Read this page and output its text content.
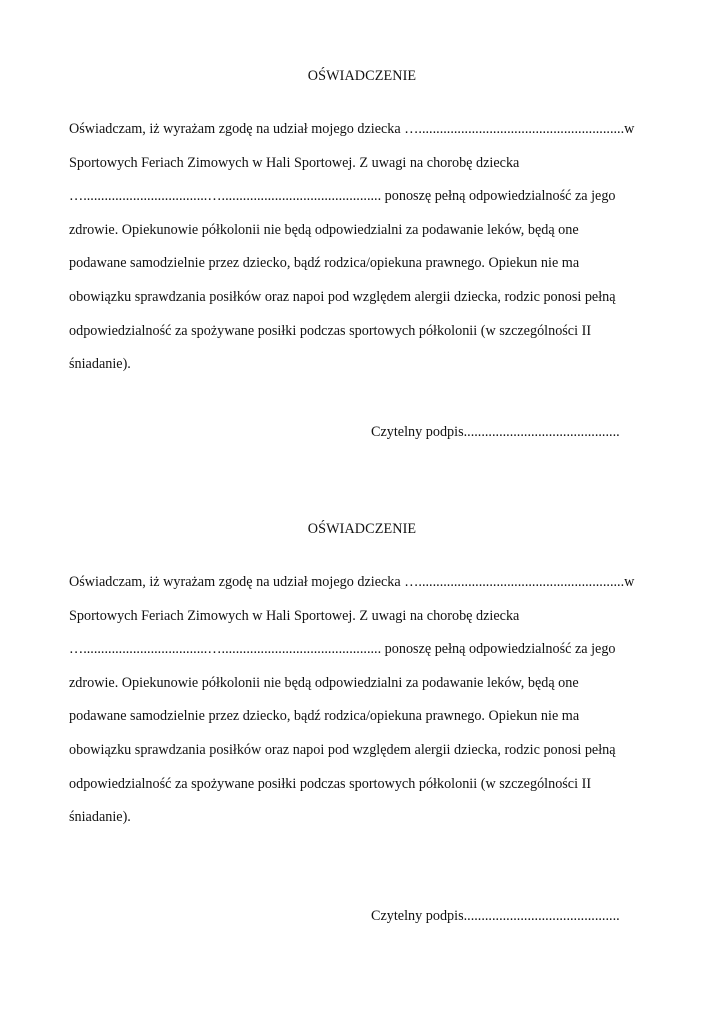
OŚWIADCZENIE
Oświadczam, iż wyrażam zgodę na udział mojego dziecka …..........................................................w
Sportowych Feriach Zimowych w Hali Sportowej. Z uwagi na chorobę dziecka
…...................................…............................................. ponoszę pełną odpowiedzialność za jego
zdrowie. Opiekunowie półkolonii nie będą odpowiedzialni za podawanie leków, będą one
podawane samodzielnie przez dziecko, bądź rodzica/opiekuna prawnego. Opiekun nie ma
obowiązku sprawdzania posiłków oraz napoi pod względem alergii dziecka, rodzic ponosi pełną
odpowiedzialność za spożywane posiłki podczas sportowych półkolonii (w szczególności II
śniadanie).
Czytelny podpis............................................
OŚWIADCZENIE
Oświadczam, iż wyrażam zgodę na udział mojego dziecka …..........................................................w
Sportowych Feriach Zimowych w Hali Sportowej. Z uwagi na chorobę dziecka
…...................................…............................................. ponoszę pełną odpowiedzialność za jego
zdrowie. Opiekunowie półkolonii nie będą odpowiedzialni za podawanie leków, będą one
podawane samodzielnie przez dziecko, bądź rodzica/opiekuna prawnego. Opiekun nie ma
obowiązku sprawdzania posiłków oraz napoi pod względem alergii dziecka, rodzic ponosi pełną
odpowiedzialność za spożywane posiłki podczas sportowych półkolonii (w szczególności II
śniadanie).
Czytelny podpis............................................
